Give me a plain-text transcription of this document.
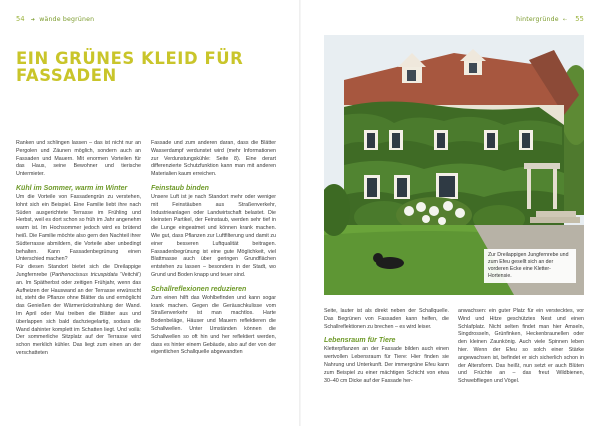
54 ➔ wände begrünen	hintergründe ⇠ 55
EIN GRÜNES KLEID FÜR FASSADEN

Ranken und schlingen lassen – das ist nicht nur an Pergolen und Zäunen möglich, sondern auch an Fassaden und Mauern. Mit enormen Vorteilen für das Haus, seine Bewohner und tierische Untermieter.

Kühl im Sommer, warm im Winter

Um die Vorteile von Fassadengrün zu verstehen, lohnt sich ein Beispiel. Eine Familie liebt ihre nach Süden ausgerichtete Terrasse im Frühling und Herbst, weil es dort schon so früh im Jahr angenehm warm ist. Im Hochsommer jedoch wird es brütend heiß. Die Familie möchte also gern den Nachteil ihrer Südterrasse abmildern, die Vorteile aber unbedingt behalten. Kann Fassadenbegrünung einen Unterschied machen?

Für diesen Standort bietet sich die Dreilappige Jungfernrebe (Parthenocissus tricuspidata 'Veitchii') an. Im Spätherbst oder zeitigen Frühjahr, wenn das Aufheizen der Hauswand an der Terrasse erwünscht ist, steht die Pflanze ohne Blätter da und ermöglicht das Genießen der Wärmerückstrahlung der Wand. Im April oder Mai treiben die Blätter aus und überlappen sich bald dachziegelartig, sodass die Wand dahinter komplett im Schatten liegt. Und voilà: Der sommerliche Sitzplatz auf der Terrasse wird schon merklich kühler. Das liegt zum einen an der verschatteten

Fassade und zum anderen daran, dass die Blätter Wasserdampf verdunstet wird (mehr Informationen zur Verdunstungskühle: Seite 8). Eine derart differenzierte Schutzfunktion kann man mit anderen Materialien kaum erreichen.

Feinstaub binden

Unsere Luft ist je nach Standort mehr oder weniger mit Feinstäuben aus Straßenverkehr, Industrieanlagen oder Landwirtschaft belastet. Die kleinsten Partikel, der Feinstaub, werden sehr tief in die Lunge eingeatmet und können krank machen. Wie gut, dass Pflanzen zur Luftfilterung und damit zu einer besseren Luftqualität beitragen. Fassadenbegrünung ist eine gute Möglichkeit, viel Blattmasse auch über geringen Grundflächen entstehen zu lassen – besonders in der Stadt, wo Grund und Boden knapp und teuer sind.

Schallreflexionen reduzieren

Zum einen hilft das Wohlbefinden und kann sogar krank machen. Gegen die Geräuschkulisse vom Straßenverkehr ist man machtlos. Harte Bodenbeläge, Häuser und Mauern reflektieren die Schallwellen. Unter Umständen können die Schallwellen so oft hin und her reflektiert werden, dass es hinter einem Gebäude, also auf der von der eigentlichen Schallquelle abgewandten

Zur Dreilappigen Jungfernrebe und zum Efeu gesellt sich an der vorderen Ecke eine Kletter-Hortensie.

Seite, lauter ist als direkt neben der Schallquelle. Das Begrünen von Fassaden kann helfen, die Schallreflektionen zu brechen – es wird leiser.

Lebensraum für Tiere

Kletterpflanzen an der Fassade bilden auch einen wertvollen Lebensraum für Tiere: Hier finden sie Nahrung und Unterkunft. Der immergrüne Efeu kann zum Beispiel zu einer mächtigen Schicht von etwa 30–40 cm Dicke auf der Fassade her-

anwachsen: ein guter Platz für ein verstecktes, vor Wind und Hitze geschütztes Nest und einen Schlafplatz. Nicht selten findet man hier Amseln, Singdrosseln, Grünfinken, Heckenbraunellen oder den kleinen Zaunkönig. Auch viele Spinnen leben hier. Wenn der Efeu so solch einer Stärke angewachsen ist, befindet er sich sicherlich schon in der Altersform. Das heißt, nun setzt er auch Blüten und Früchte an – das freut Wildbienen, Schwebfliegen und Vögel.
